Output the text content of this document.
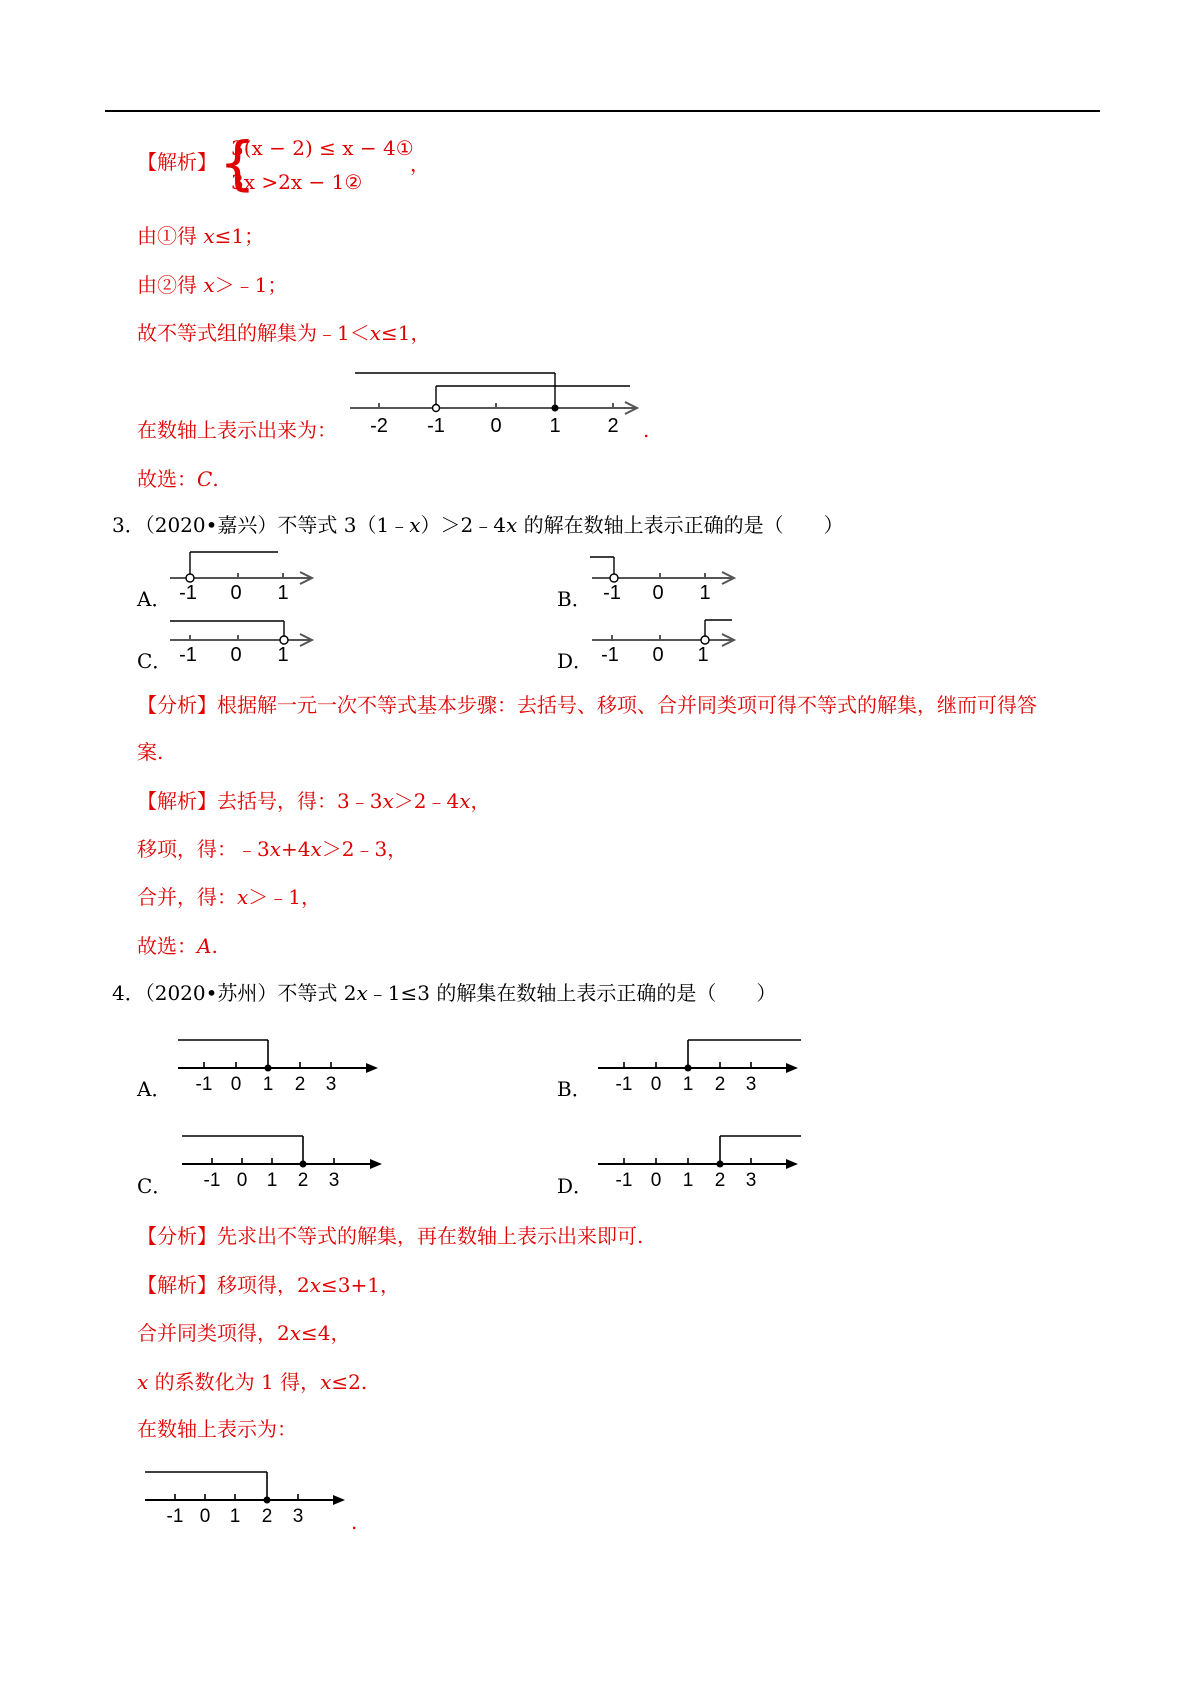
【解析】 {
3(x − 2) ≤ x − 4①
3x >2x − 1②
，
由①得 x≤1；
由②得 x＞﹣1；
故不等式组的解集为﹣1＜x≤1，
在数轴上表示出来为： -2 -1 0 1 2 .
故选：C.
3．（2020•嘉兴）不等式 3（1﹣x）＞2﹣4x 的解在数轴上表示正确的是（　　）
A． -1 0 1	B． -1 0 1
C． -1 0 1	D． -1 0 1
【分析】根据解一元一次不等式基本步骤：去括号、移项、合并同类项可得不等式的解集，继而可得答
案.
【解析】去括号，得：3﹣3x＞2﹣4x，
移项，得：﹣3x+4x＞2﹣3，
合并，得：x＞﹣1，
故选：A.
4．（2020•苏州）不等式 2x﹣1≤3 的解集在数轴上表示正确的是（　　）
A． -1 0 1 2 3	B． -1 0 1 2 3
C． -1 0 1 2 3	D． -1 0 1 2 3
【分析】先求出不等式的解集，再在数轴上表示出来即可.
【解析】移项得，2x≤3+1，
合并同类项得，2x≤4，
x 的系数化为 1 得，x≤2.
在数轴上表示为：
-1 0 1 2 3 .
